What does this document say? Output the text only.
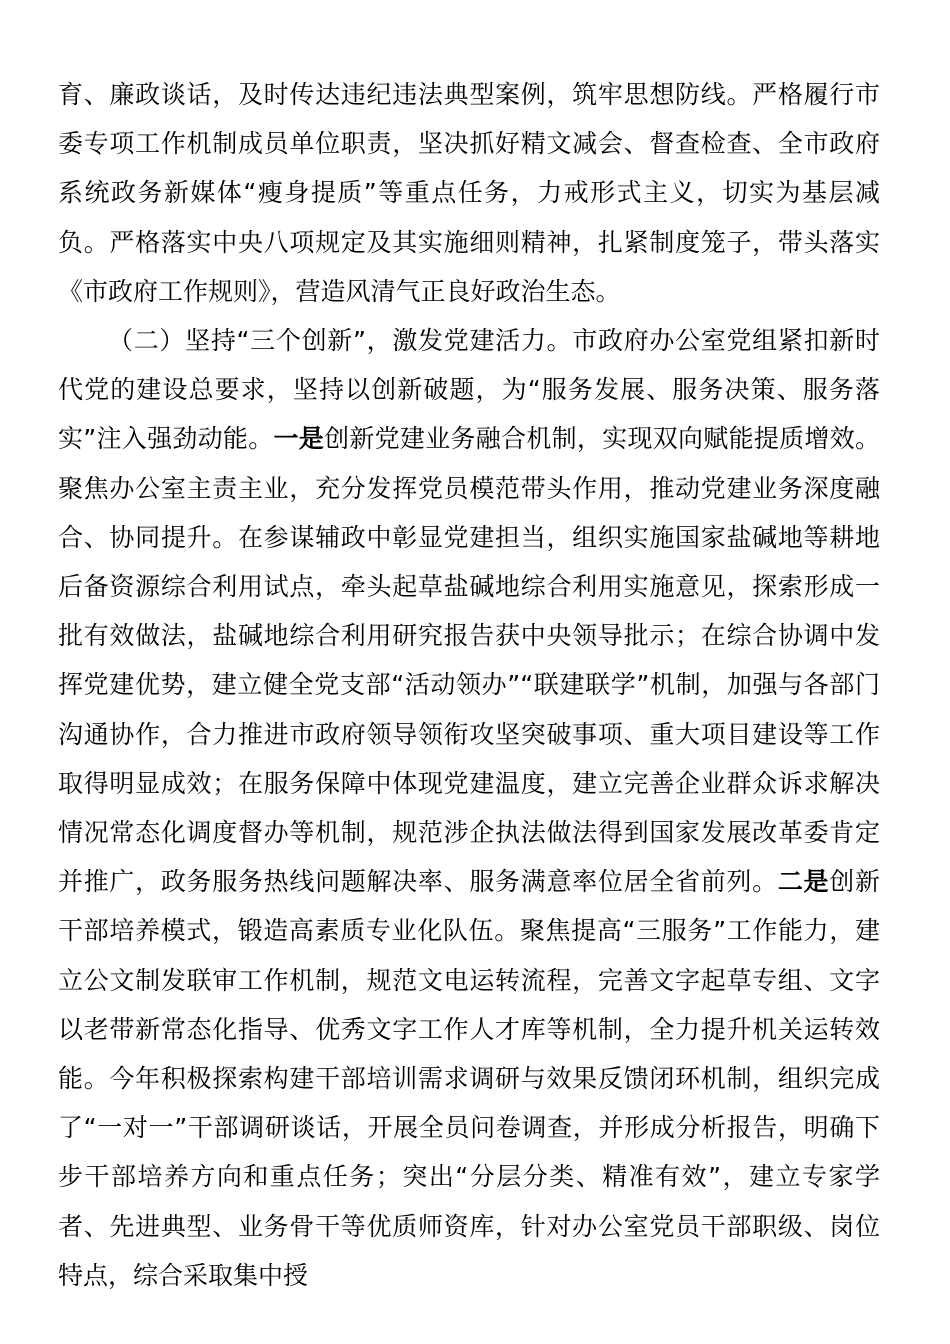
育、廉政谈话，及时传达违纪违法典型案例，筑牢思想防线。严格履行市委专项工作机制成员单位职责，坚决抓好精文减会、督查检查、全市政府系统政务新媒体“瘦身提质”等重点任务，力戒形式主义，切实为基层减负。严格落实中央八项规定及其实施细则精神，扎紧制度笼子，带头落实《市政府工作规则》，营造风清气正良好政治生态。

（二）坚持“三个创新”，激发党建活力。市政府办公室党组紧扣新时代党的建设总要求，坚持以创新破题，为“服务发展、服务决策、服务落实”注入强劲动能。一是创新党建业务融合机制，实现双向赋能提质增效。聚焦办公室主责主业，充分发挥党员模范带头作用，推动党建业务深度融合、协同提升。在参谋辅政中彰显党建担当，组织实施国家盐碱地等耕地后备资源综合利用试点，牵头起草盐碱地综合利用实施意见，探索形成一批有效做法，盐碱地综合利用研究报告获中央领导批示；在综合协调中发挥党建优势，建立健全党支部“活动领办”“联建联学”机制，加强与各部门沟通协作，合力推进市政府领导领衔攻坚突破事项、重大项目建设等工作取得明显成效；在服务保障中体现党建温度，建立完善企业群众诉求解决情况常态化调度督办等机制，规范涉企执法做法得到国家发展改革委肯定并推广，政务服务热线问题解决率、服务满意率位居全省前列。二是创新干部培养模式，锻造高素质专业化队伍。聚焦提高“三服务”工作能力，建立公文制发联审工作机制，规范文电运转流程，完善文字起草专组、文字以老带新常态化指导、优秀文字工作人才库等机制，全力提升机关运转效能。今年积极探索构建干部培训需求调研与效果反馈闭环机制，组织完成了“一对一”干部调研谈话，开展全员问卷调查，并形成分析报告，明确下步干部培养方向和重点任务；突出“分层分类、精准有效”，建立专家学者、先进典型、业务骨干等优质师资库，针对办公室党员干部职级、岗位特点，综合采取集中授
